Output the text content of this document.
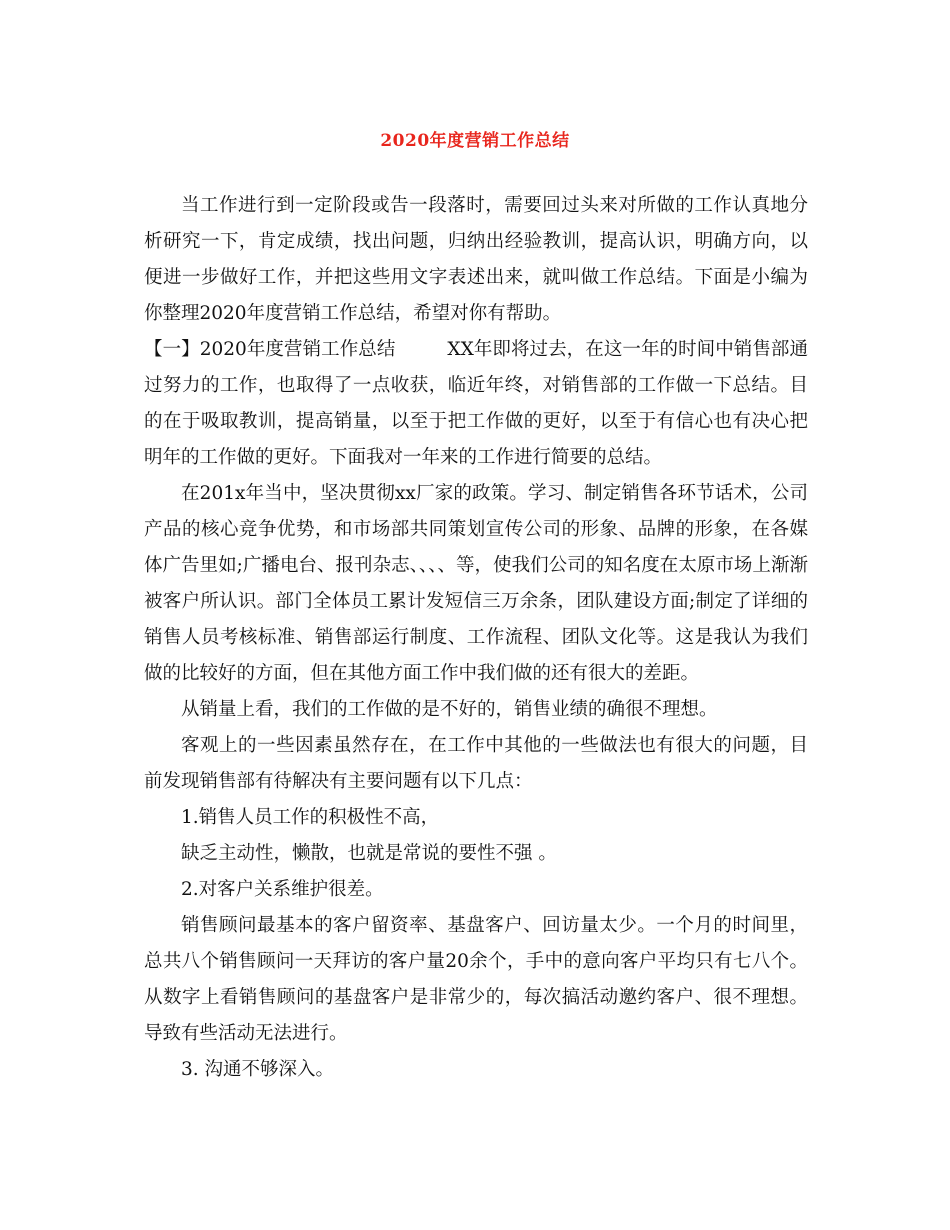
2020年度营销工作总结

当工作进行到一定阶段或告一段落时，需要回过头来对所做的工作认真地分析研究一下，肯定成绩，找出问题，归纳出经验教训，提高认识，明确方向，以便进一步做好工作，并把这些用文字表述出来，就叫做工作总结。下面是小编为你整理2020年度营销工作总结，希望对你有帮助。

【一】2020年度营销工作总结	XX年即将过去，在这一年的时间中销售部通过努力的工作，也取得了一点收获，临近年终，对销售部的工作做一下总结。目的在于吸取教训，提高销量，以至于把工作做的更好，以至于有信心也有决心把明年的工作做的更好。下面我对一年来的工作进行简要的总结。

在201x年当中，坚决贯彻xx厂家的政策。学习、制定销售各环节话术，公司产品的核心竞争优势，和市场部共同策划宣传公司的形象、品牌的形象，在各媒体广告里如;广播电台、报刊杂志、、、、等，使我们公司的知名度在太原市场上渐渐被客户所认识。部门全体员工累计发短信三万余条，团队建设方面;制定了详细的销售人员考核标准、销售部运行制度、工作流程、团队文化等。这是我认为我们做的比较好的方面，但在其他方面工作中我们做的还有很大的差距。

从销量上看，我们的工作做的是不好的，销售业绩的确很不理想。

客观上的一些因素虽然存在，在工作中其他的一些做法也有很大的问题，目前发现销售部有待解决有主要问题有以下几点：

1.销售人员工作的积极性不高，

缺乏主动性，懒散，也就是常说的要性不强 。

2.对客户关系维护很差。

销售顾问最基本的客户留资率、基盘客户、回访量太少。一个月的时间里，总共八个销售顾问一天拜访的客户量20余个，手中的意向客户平均只有七八个。从数字上看销售顾问的基盘客户是非常少的，每次搞活动邀约客户、很不理想。导致有些活动无法进行。

3. 沟通不够深入。
